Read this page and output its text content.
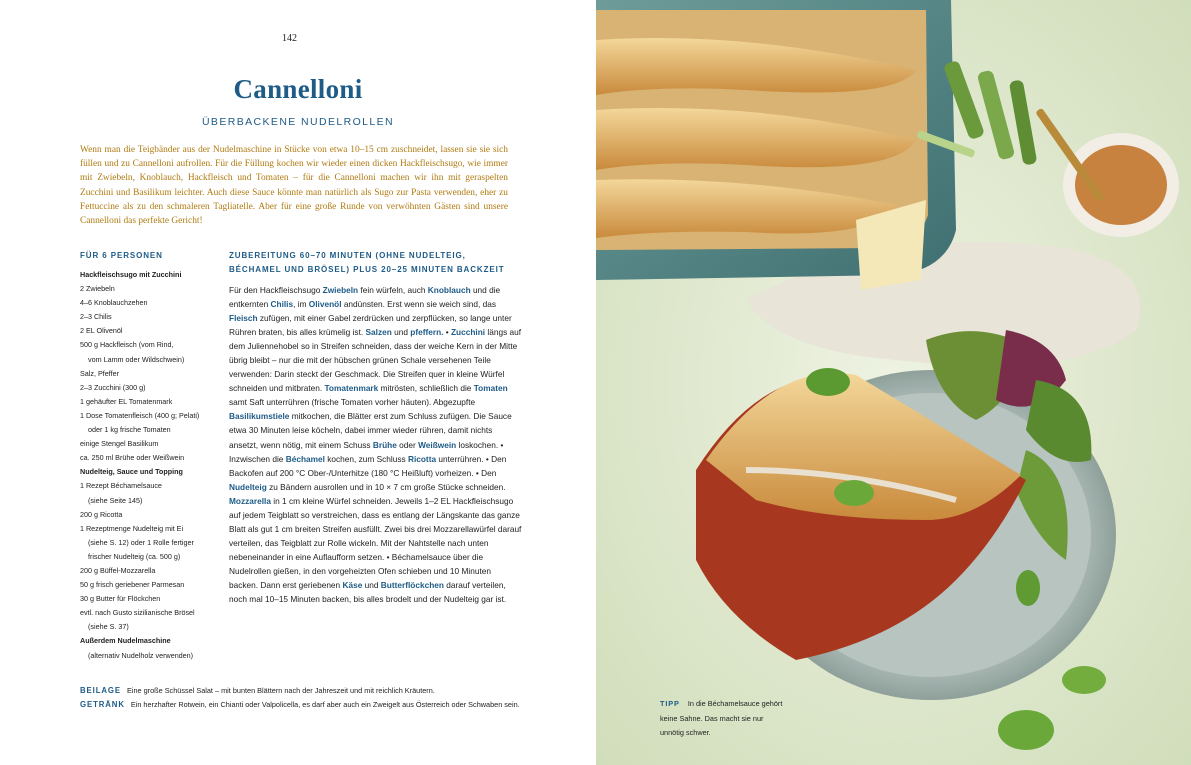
142
Cannelloni
ÜBERBACKENE NUDELROLLEN

Wenn man die Teigbänder aus der Nudelmaschine in Stücke von etwa 10–15 cm zuschneidet, lassen sie sie sich füllen und zu Cannelloni aufrollen. Für die Füllung kochen wir wieder einen dicken Hackfleischsugo, wie immer mit Zwiebeln, Knoblauch, Hackfleisch und Tomaten – für die Cannelloni machen wir ihn mit geraspelten Zucchini und Basilikum leichter. Auch diese Sauce könnte man natürlich als Sugo zur Pasta verwenden, eher zu Fettuccine als zu den schmaleren Tagliatelle. Aber für eine große Runde von verwöhnten Gästen sind unsere Cannelloni das perfekte Gericht!

FÜR 6 PERSONEN	ZUBEREITUNG 60–70 MINUTEN (OHNE NUDELTEIG,
BÉCHAMEL UND BRÖSEL) PLUS 20–25 MINUTEN BACKZEIT
Hackfleischsugo mit Zucchini
2 Zwiebeln
4–6 Knoblauchzehen
2–3 Chilis
2 EL Olivenöl
500 g Hackfleisch (vom Rind,
vom Lamm oder Wildschwein)
Salz, Pfeffer
2–3 Zucchini (300 g)
1 gehäufter EL Tomatenmark
1 Dose Tomatenfleisch (400 g; Pelati)
oder 1 kg frische Tomaten
einige Stengel Basilikum
ca. 250 ml Brühe oder Weißwein
Nudelteig, Sauce und Topping
1 Rezept Béchamelsauce
(siehe Seite 145)
200 g Ricotta
1 Rezeptmenge Nudelteig mit Ei
(siehe S. 12) oder 1 Rolle fertiger
frischer Nudelteig (ca. 500 g)
200 g Büffel-Mozzarella
50 g frisch geriebener Parmesan
30 g Butter für Flöckchen
evtl. nach Gusto sizilianische Brösel
(siehe S. 37)
Außerdem Nudelmaschine
(alternativ Nudelholz verwenden)

Für den Hackfleischsugo Zwiebeln fein würfeln, auch Knoblauch und die entkernten Chilis, im Olivenöl andünsten. Erst wenn sie weich sind, das Fleisch zufügen, mit einer Gabel zerdrücken und zerpflücken, so lange unter Rühren braten, bis alles krümelig ist. Salzen und pfeffern. • Zucchini längs auf dem Juliennehobel so in Streifen schneiden, dass der weiche Kern in der Mitte übrig bleibt – nur die mit der hübschen grünen Schale versehenen Teile verwenden: Darin steckt der Geschmack. Die Streifen quer in kleine Würfel schneiden und mitbraten. Tomatenmark mitrösten, schließlich die Tomaten samt Saft unterrühren (frische Tomaten vorher häuten). Abgezupfte Basilikumstiele mitkochen, die Blätter erst zum Schluss zufügen. Die Sauce etwa 30 Minuten leise köcheln, dabei immer wieder rühren, damit nichts ansetzt, wenn nötig, mit einem Schuss Brühe oder Weißwein loskochen. • Inzwischen die Béchamel kochen, zum Schluss Ricotta unterrühren. • Den Backofen auf 200 °C Ober-/Unterhitze (180 °C Heißluft) vorheizen. • Den Nudelteig zu Bändern ausrollen und in 10 × 7 cm große Stücke schneiden. Mozzarella in 1 cm kleine Würfel schneiden. Jeweils 1–2 EL Hackfleischsugo auf jedem Teigblatt so verstreichen, dass es entlang der Längskante das ganze Blatt als gut 1 cm breiten Streifen ausfüllt. Zwei bis drei Mozzarellawürfel darauf verteilen, das Teigblatt zur Rolle wickeln. Mit der Nahtstelle nach unten nebeneinander in eine Auflaufform setzen. • Béchamelsauce über die Nudelrollen gießen, in den vorgeheizten Ofen schieben und 10 Minuten backen. Dann erst geriebenen Käse und Butterflöckchen darauf verteilen, noch mal 10–15 Minuten backen, bis alles brodelt und der Nudelteig gar ist.

BEILAGE Eine große Schüssel Salat – mit bunten Blättern nach der Jahreszeit und mit reichlich Kräutern.
GETRÄNK Ein herzhafter Rotwein, ein Chianti oder Valpolicella, es darf aber auch ein Zweigelt aus Österreich oder Schwaben sein.	TIPP In die Béchamelsauce gehört keine Sahne. Das macht sie nur unnötig schwer.
